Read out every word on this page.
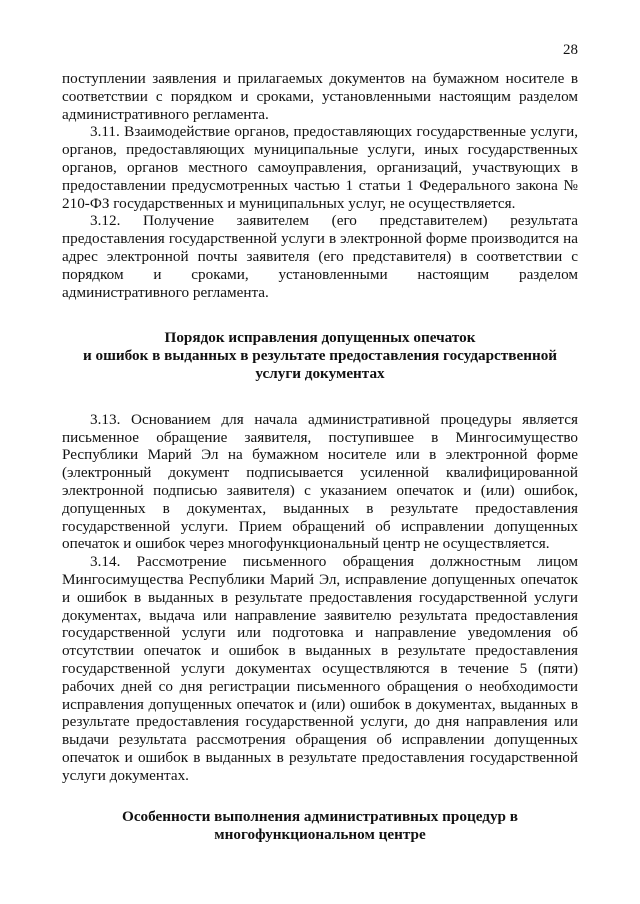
28

поступлении заявления и прилагаемых документов на бумажном носителе в соответствии с порядком и сроками, установленными настоящим разделом административного регламента.

3.11. Взаимодействие органов, предоставляющих государственные услуги, органов, предоставляющих муниципальные услуги, иных государственных органов, органов местного самоуправления, организаций, участвующих в предоставлении предусмотренных частью 1 статьи 1 Федерального закона № 210-ФЗ государственных и муниципальных услуг, не осуществляется.

3.12. Получение заявителем (его представителем) результата предоставления государственной услуги в электронной форме производится на адрес электронной почты заявителя (его представителя) в соответствии с порядком и сроками, установленными настоящим разделом административного регламента.

Порядок исправления допущенных опечаток

и ошибок в выданных в результате предоставления государственной

услуги документах

3.13. Основанием для начала административной процедуры является письменное обращение заявителя, поступившее в Мингосимущество Республики Марий Эл на бумажном носителе или в электронной форме (электронный документ подписывается усиленной квалифицированной электронной подписью заявителя) с указанием опечаток и (или) ошибок, допущенных в документах, выданных в результате предоставления государственной услуги. Прием обращений об исправлении допущенных опечаток и ошибок через многофункциональный центр не осуществляется.

3.14. Рассмотрение письменного обращения должностным лицом Мингосимущества Республики Марий Эл, исправление допущенных опечаток и ошибок в выданных в результате предоставления государственной услуги документах, выдача или направление заявителю результата предоставления государственной услуги или подготовка и направление уведомления об отсутствии опечаток и ошибок в выданных в результате предоставления государственной услуги документах осуществляются в течение 5 (пяти) рабочих дней со дня регистрации письменного обращения о необходимости исправления допущенных опечаток и (или) ошибок в документах, выданных в результате предоставления государственной услуги, до дня направления или выдачи результата рассмотрения обращения об исправлении допущенных опечаток и ошибок в выданных в результате предоставления государственной услуги документах.

Особенности выполнения административных процедур в

многофункциональном центре
